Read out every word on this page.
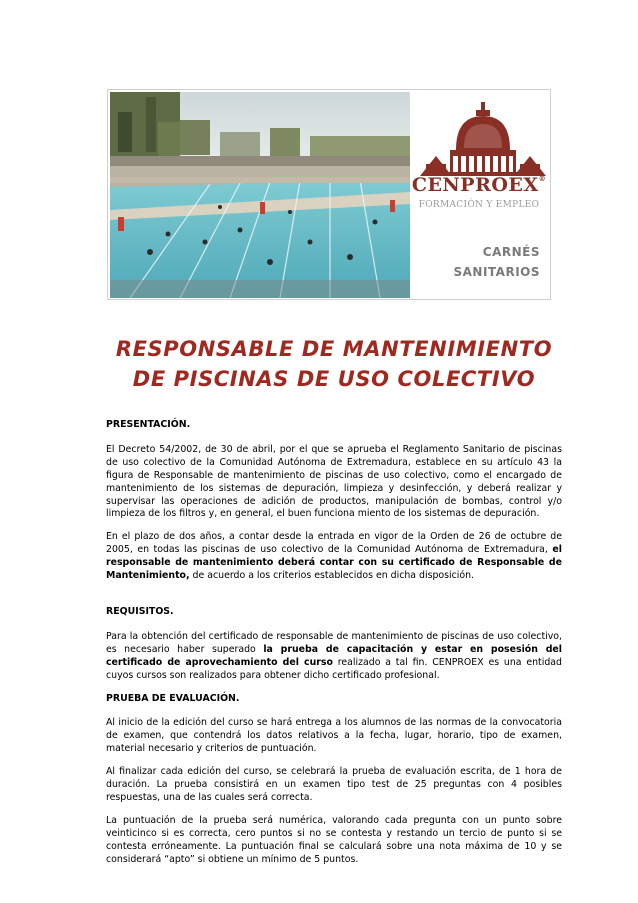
CENPROEX®
FORMACIÓN Y EMPLEO
CARNÉS
SANITARIOS
RESPONSABLE DE MANTENIMIENTO
DE PISCINAS DE USO COLECTIVO

PRESENTACIÓN.

El Decreto 54/2002, de 30 de abril, por el que se aprueba el Reglamento Sanitario de piscinas de uso colectivo de la Comunidad Autónoma de Extremadura, establece en su artículo 43 la figura de Responsable de mantenimiento de piscinas de uso colectivo, como el encargado de mantenimiento de los sistemas de depuración, limpieza y desinfección, y deberá realizar y supervisar las operaciones de adición de productos, manipulación de bombas, control y/o limpieza de los filtros y, en general, el buen funciona miento de los sistemas de depuración.

En el plazo de dos años, a contar desde la entrada en vigor de la Orden de 26 de octubre de 2005, en todas las piscinas de uso colectivo de la Comunidad Autónoma de Extremadura, el responsable de mantenimiento deberá contar con su certificado de Responsable de Mantenimiento, de acuerdo a los criterios establecidos en dicha disposición.

REQUISITOS.

Para la obtención del certificado de responsable de mantenimiento de piscinas de uso colectivo, es necesario haber superado la prueba de capacitación y estar en posesión del certificado de aprovechamiento del curso realizado a tal fin. CENPROEX es una entidad cuyos cursos son realizados para obtener dicho certificado profesional.

PRUEBA DE EVALUACIÓN.

Al inicio de la edición del curso se hará entrega a los alumnos de las normas de la convocatoria de examen, que contendrá los datos relativos a la fecha, lugar, horario, tipo de examen, material necesario y criterios de puntuación.

Al finalizar cada edición del curso, se celebrará la prueba de evaluación escrita, de 1 hora de duración. La prueba consistirá en un examen tipo test de 25 preguntas con 4 posibles respuestas, una de las cuales será correcta.

La puntuación de la prueba será numérica, valorando cada pregunta con un punto sobre veinticinco si es correcta, cero puntos si no se contesta y restando un tercio de punto si se contesta erróneamente. La puntuación final se calculará sobre una nota máxima de 10 y se considerará “apto” si obtiene un mínimo de 5 puntos.
